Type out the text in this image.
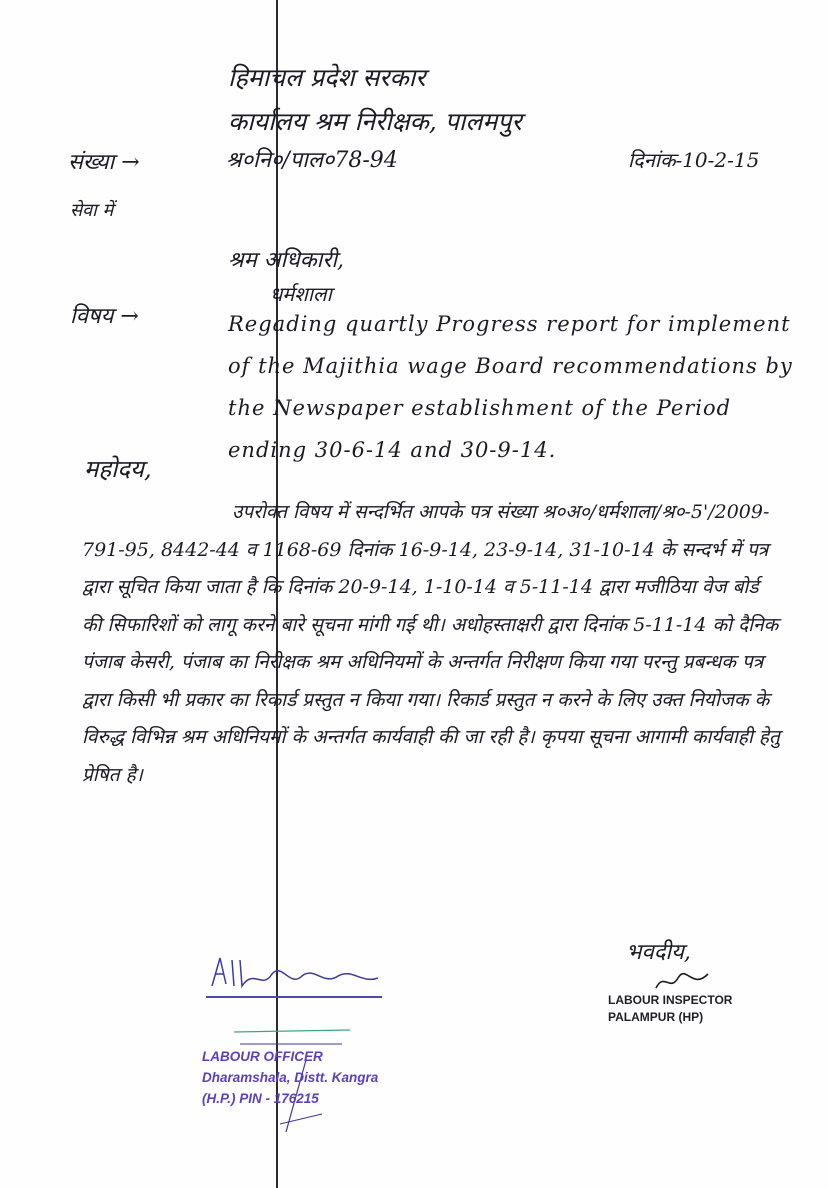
हिमाचल प्रदेश सरकार
कार्यालय श्रम निरीक्षक, पालमपुर
संख्या →	श्र०नि०/पाल०78-94	दिनांक-10-2-15
सेवा में
श्रम अधिकारी,
धर्मशाला
विषय →	Regading quartly Progress report for implement of the Majithia wage Board recommendations by the Newspaper establishment of the Period ending 30-6-14 and 30-9-14.
महोदय,

उपरोक्त विषय में सन्दर्भित आपके पत्र संख्या श्र०अ०/धर्मशाला/श्र०-5'/2009-791-95, 8442-44 व 1168-69 दिनांक 16-9-14, 23-9-14, 31-10-14 के सन्दर्भ में पत्र द्वारा सूचित किया जाता है कि दिनांक 20-9-14, 1-10-14 व 5-11-14 द्वारा मजीठिया वेज बोर्ड की सिफारिशों को लागू करने बारे सूचना मांगी गई थी। अधोहस्ताक्षरी द्वारा दिनांक 5-11-14 को दैनिक पंजाब केसरी, पंजाब का निरीक्षक श्रम अधिनियमों के अन्तर्गत निरीक्षण किया गया परन्तु प्रबन्धक पत्र द्वारा किसी भी प्रकार का रिकार्ड प्रस्तुत न किया गया। रिकार्ड प्रस्तुत न करने के लिए उक्त नियोजक के विरुद्ध विभिन्न श्रम अधिनियमों के अन्तर्गत कार्यवाही की जा रही है। कृपया सूचना आगामी कार्यवाही हेतु प्रेषित है।

भवदीय,
LABOUR INSPECTOR
PALAMPUR (HP)
LABOUR OFFICER
Dharamshala, Distt. Kangra
(H.P.) PIN - 176215
